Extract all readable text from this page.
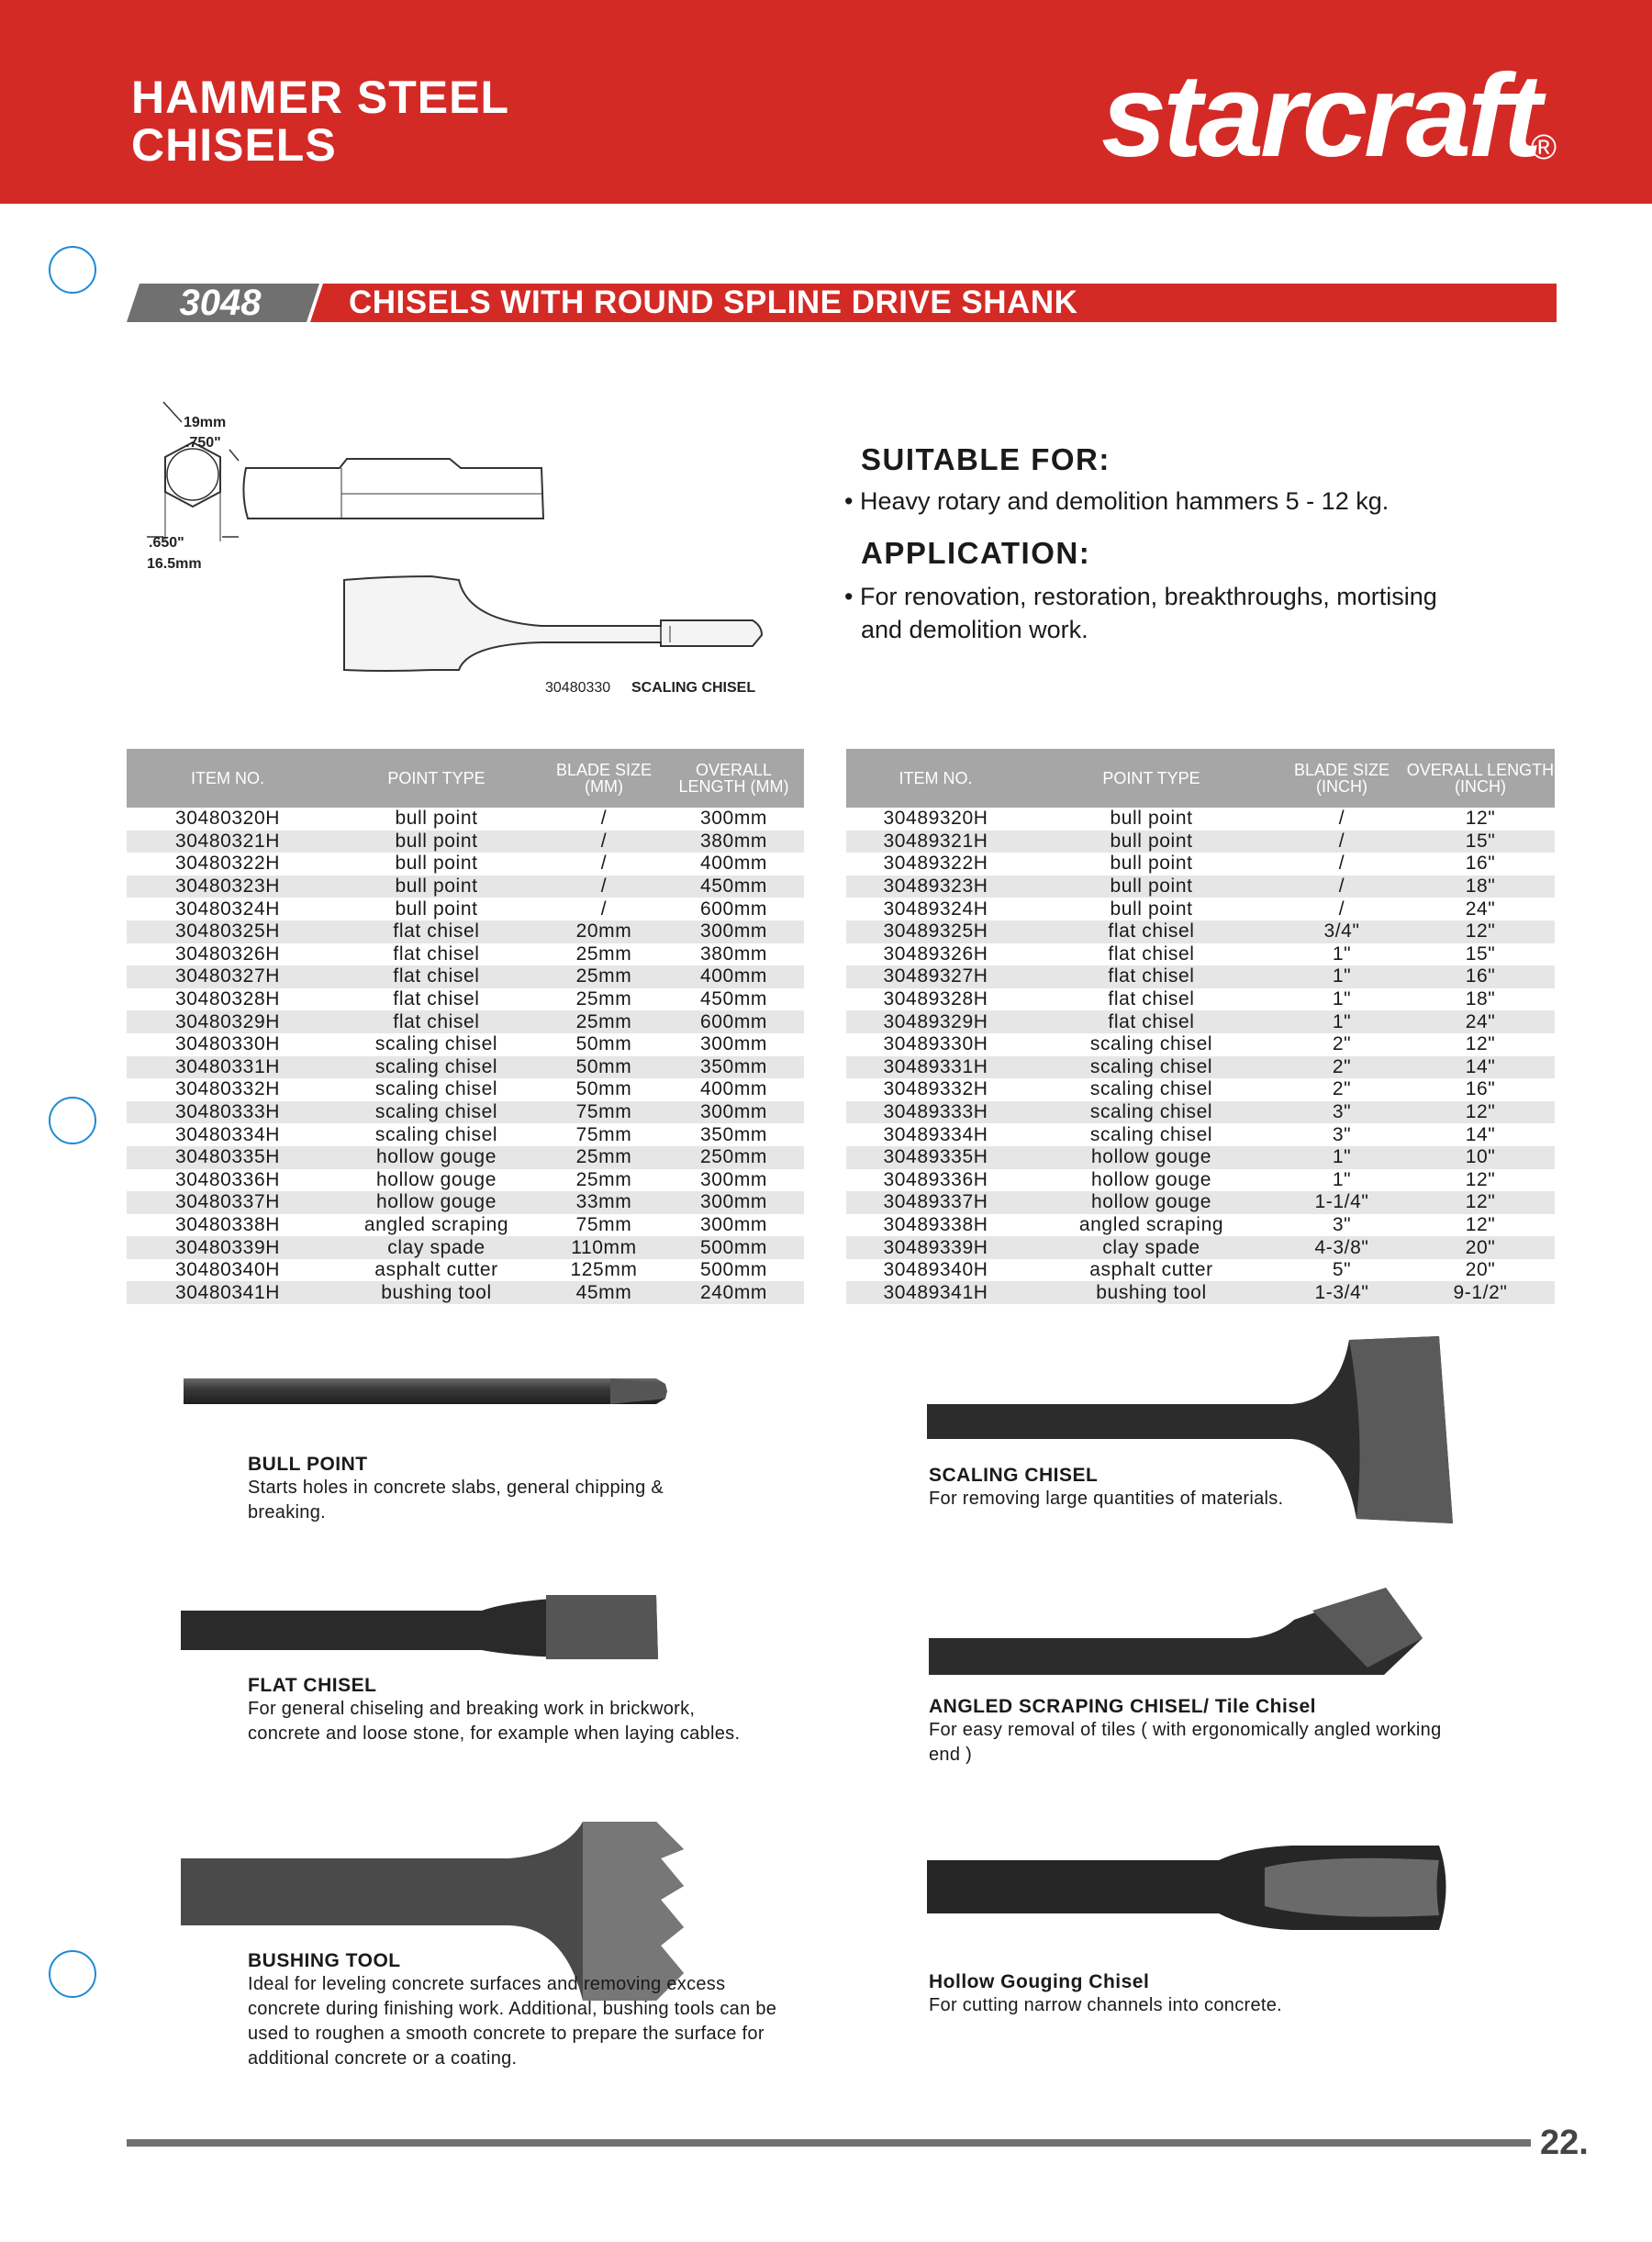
HAMMER STEEL
CHISELS	starcraft
®
3048	CHISELS WITH ROUND SPLINE DRIVE SHANK
19mm
.750"
.650"
16.5mm
30480330 SCALING CHISEL
SUITABLE FOR:
• Heavy rotary and demolition hammers 5 - 12 kg.
APPLICATION:
• For renovation, restoration, breakthroughs, mortising
and demolition work.
ITEM NO.	POINT TYPE	BLADE SIZE (MM)	OVERALL LENGTH (MM)
30480320H	bull point	/	300mm
30480321H	bull point	/	380mm
30480322H	bull point	/	400mm
30480323H	bull point	/	450mm
30480324H	bull point	/	600mm
30480325H	flat chisel	20mm	300mm
30480326H	flat chisel	25mm	380mm
30480327H	flat chisel	25mm	400mm
30480328H	flat chisel	25mm	450mm
30480329H	flat chisel	25mm	600mm
30480330H	scaling chisel	50mm	300mm
30480331H	scaling chisel	50mm	350mm
30480332H	scaling chisel	50mm	400mm
30480333H	scaling chisel	75mm	300mm
30480334H	scaling chisel	75mm	350mm
30480335H	hollow gouge	25mm	250mm
30480336H	hollow gouge	25mm	300mm
30480337H	hollow gouge	33mm	300mm
30480338H	angled scraping	75mm	300mm
30480339H	clay spade	110mm	500mm
30480340H	asphalt cutter	125mm	500mm
30480341H	bushing tool	45mm	240mm
ITEM NO.	POINT TYPE	BLADE SIZE (INCH)	OVERALL LENGTH (INCH)
30489320H	bull point	/	12"
30489321H	bull point	/	15"
30489322H	bull point	/	16"
30489323H	bull point	/	18"
30489324H	bull point	/	24"
30489325H	flat chisel	3/4"	12"
30489326H	flat chisel	1"	15"
30489327H	flat chisel	1"	16"
30489328H	flat chisel	1"	18"
30489329H	flat chisel	1"	24"
30489330H	scaling chisel	2"	12"
30489331H	scaling chisel	2"	14"
30489332H	scaling chisel	2"	16"
30489333H	scaling chisel	3"	12"
30489334H	scaling chisel	3"	14"
30489335H	hollow gouge	1"	10"
30489336H	hollow gouge	1"	12"
30489337H	hollow gouge	1-1/4"	12"
30489338H	angled scraping	3"	12"
30489339H	clay spade	4-3/8"	20"
30489340H	asphalt cutter	5"	20"
30489341H	bushing tool	1-3/4"	9-1/2"
BULL POINT
Starts holes in concrete slabs, general chipping &
breaking.
SCALING CHISEL
For removing large quantities of materials.
FLAT CHISEL
For general chiseling and breaking work in brickwork,
concrete and loose stone, for example when laying cables.
ANGLED SCRAPING CHISEL/ Tile Chisel
For easy removal of tiles ( with ergonomically angled working
end )
BUSHING TOOL
Ideal for leveling concrete surfaces and removing excess
concrete during finishing work. Additional, bushing tools can be
used to roughen a smooth concrete to prepare the surface for
additional concrete or a coating.
Hollow Gouging Chisel
For cutting narrow channels into concrete.
22.
